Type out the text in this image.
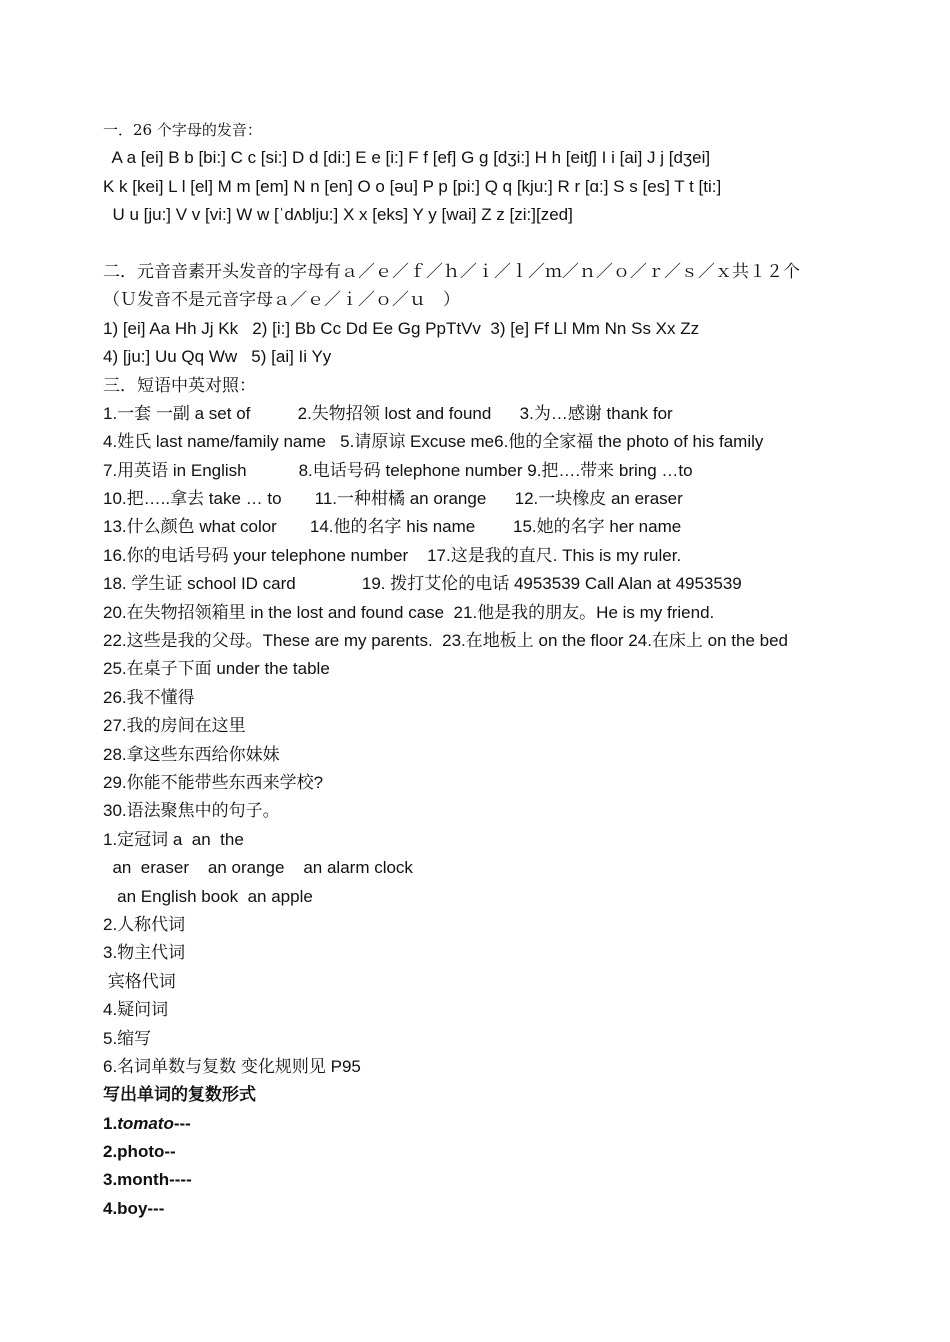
一．26 个字母的发音：
A a [ei] B b [bi:] C c [si:] D d [di:] E e [i:] F f [ef] G g [dʒi:] H h [eitʃ] I i [ai] J j [dʒei]
K k [kei] L l [el] M m [em] N n [en] O o [əu] P p [pi:] Q q [kju:] R r [ɑ:] S s [es] T t [ti:]
U u [ju:] V v [vi:] W w [ˈdʌblju:] X x [eks] Y y [wai] Z z [zi:][zed]
二．元音音素开头发音的字母有ａ／ｅ／ｆ／ｈ／ｉ／ｌ／ｍ／ｎ／ｏ／ｒ／ｓ／ｘ共１２个
（Ｕ发音不是元音字母ａ／ｅ／ｉ／ｏ／ｕ　）
1) [ei] Aa Hh Jj Kk   2) [i:] Bb Cc Dd Ee Gg PpTtVv  3) [e] Ff Ll Mm Nn Ss Xx Zz
4) [ju:] Uu Qq Ww   5) [ai] Ii Yy
三．短语中英对照：
1.一套 一副 a set of          2.失物招领 lost and found      3.为…感谢 thank for
4.姓氏 last name/family name   5.请原谅 Excuse me6.他的全家福 the photo of his family
7.用英语 in English           8.电话号码 telephone number 9.把….带来 bring …to
10.把…..拿去 take … to       11.一种柑橘 an orange      12.一块橡皮 an eraser
13.什么颜色 what color       14.他的名字 his name        15.她的名字 her name
16.你的电话号码 your telephone number    17.这是我的直尺. This is my ruler.
18. 学生证 school ID card              19. 拨打艾伦的电话 4953539 Call Alan at 4953539
20.在失物招领箱里 in the lost and found case  21.他是我的朋友。He is my friend.
22.这些是我的父母。These are my parents.  23.在地板上 on the floor 24.在床上 on the bed
25.在桌子下面 under the table
26.我不懂得
27.我的房间在这里
28.拿这些东西给你妹妹
29.你能不能带些东西来学校?
30.语法聚焦中的句子。
1.定冠词 a  an  the
an  eraser    an orange    an alarm clock
an English book  an apple
2.人称代词
3.物主代词
宾格代词
4.疑问词
5.缩写
6.名词单数与复数 变化规则见 P95
写出单词的复数形式
1.tomato---
2.photo--
3.month----
4.boy---
